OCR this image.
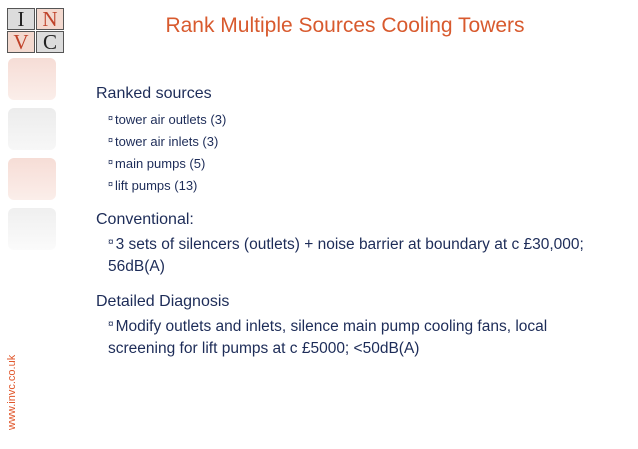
I N
V C
www.invc.co.uk
Rank Multiple Sources Cooling Towers
Ranked sources
¤ tower air outlets (3)
¤ tower air inlets (3)
¤ main pumps (5)
¤ lift pumps (13)
Conventional:
¤ 3 sets of silencers (outlets) + noise barrier at boundary at c £30,000; 56dB(A)
Detailed Diagnosis
¤ Modify outlets and inlets, silence main pump cooling fans, local screening for lift pumps at c £5000; <50dB(A)
